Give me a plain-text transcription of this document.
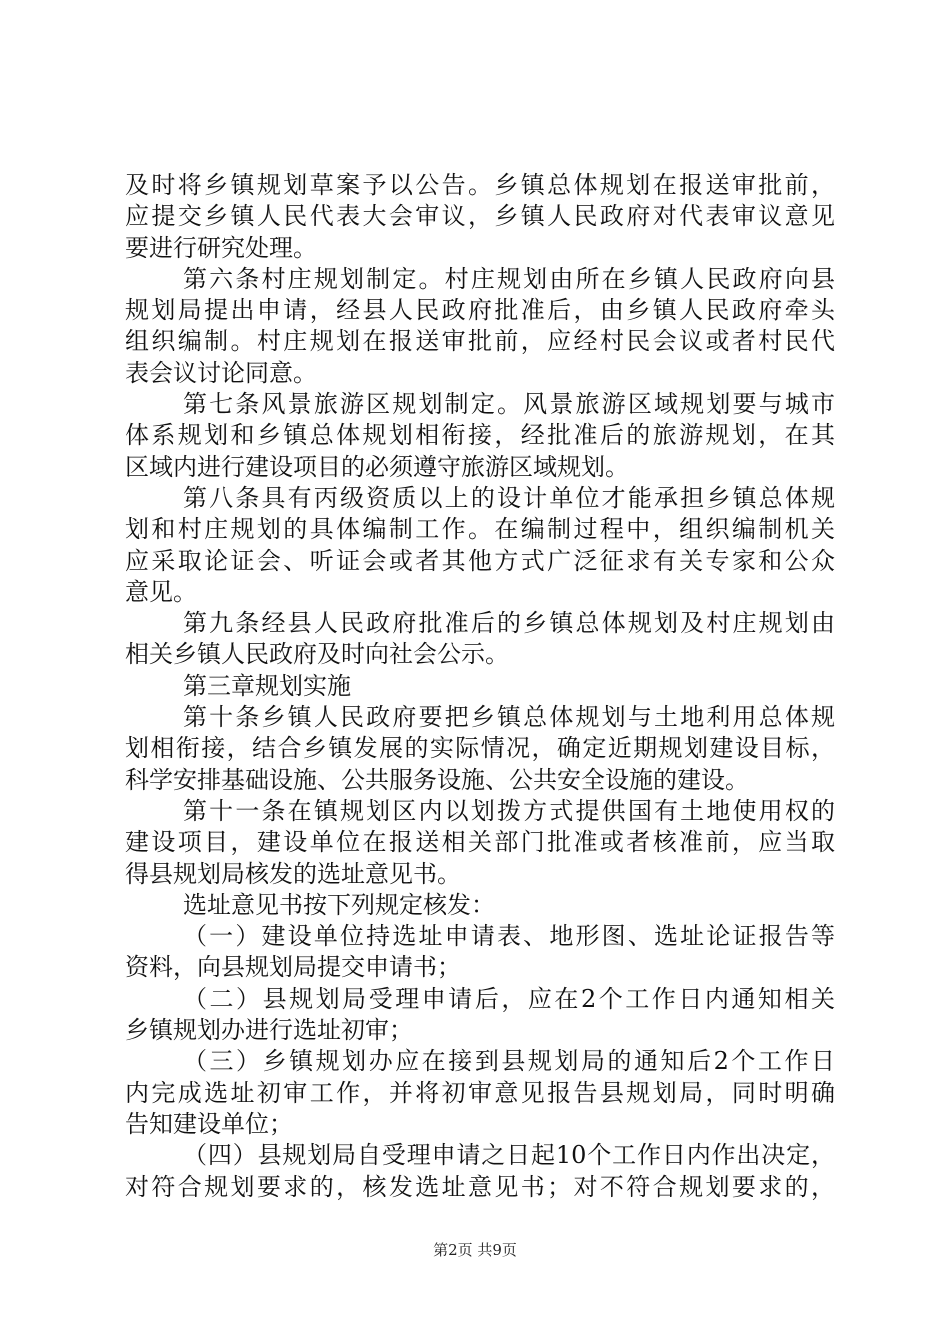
及时将乡镇规划草案予以公告。乡镇总体规划在报送审批前，
应提交乡镇人民代表大会审议，乡镇人民政府对代表审议意见
要进行研究处理。
第六条村庄规划制定。村庄规划由所在乡镇人民政府向县
规划局提出申请，经县人民政府批准后，由乡镇人民政府牵头
组织编制。村庄规划在报送审批前，应经村民会议或者村民代
表会议讨论同意。
第七条风景旅游区规划制定。风景旅游区域规划要与城市
体系规划和乡镇总体规划相衔接，经批准后的旅游规划，在其
区域内进行建设项目的必须遵守旅游区域规划。
第八条具有丙级资质以上的设计单位才能承担乡镇总体规
划和村庄规划的具体编制工作。在编制过程中，组织编制机关
应采取论证会、听证会或者其他方式广泛征求有关专家和公众
意见。
第九条经县人民政府批准后的乡镇总体规划及村庄规划由
相关乡镇人民政府及时向社会公示。
第三章规划实施
第十条乡镇人民政府要把乡镇总体规划与土地利用总体规
划相衔接，结合乡镇发展的实际情况，确定近期规划建设目标，
科学安排基础设施、公共服务设施、公共安全设施的建设。
第十一条在镇规划区内以划拨方式提供国有土地使用权的
建设项目，建设单位在报送相关部门批准或者核准前，应当取
得县规划局核发的选址意见书。
选址意见书按下列规定核发：
（一）建设单位持选址申请表、地形图、选址论证报告等
资料，向县规划局提交申请书；
（二）县规划局受理申请后，应在2个工作日内通知相关
乡镇规划办进行选址初审；
（三）乡镇规划办应在接到县规划局的通知后2个工作日
内完成选址初审工作，并将初审意见报告县规划局，同时明确
告知建设单位；
（四）县规划局自受理申请之日起10个工作日内作出决定，
对符合规划要求的，核发选址意见书；对不符合规划要求的，
第2页 共9页
